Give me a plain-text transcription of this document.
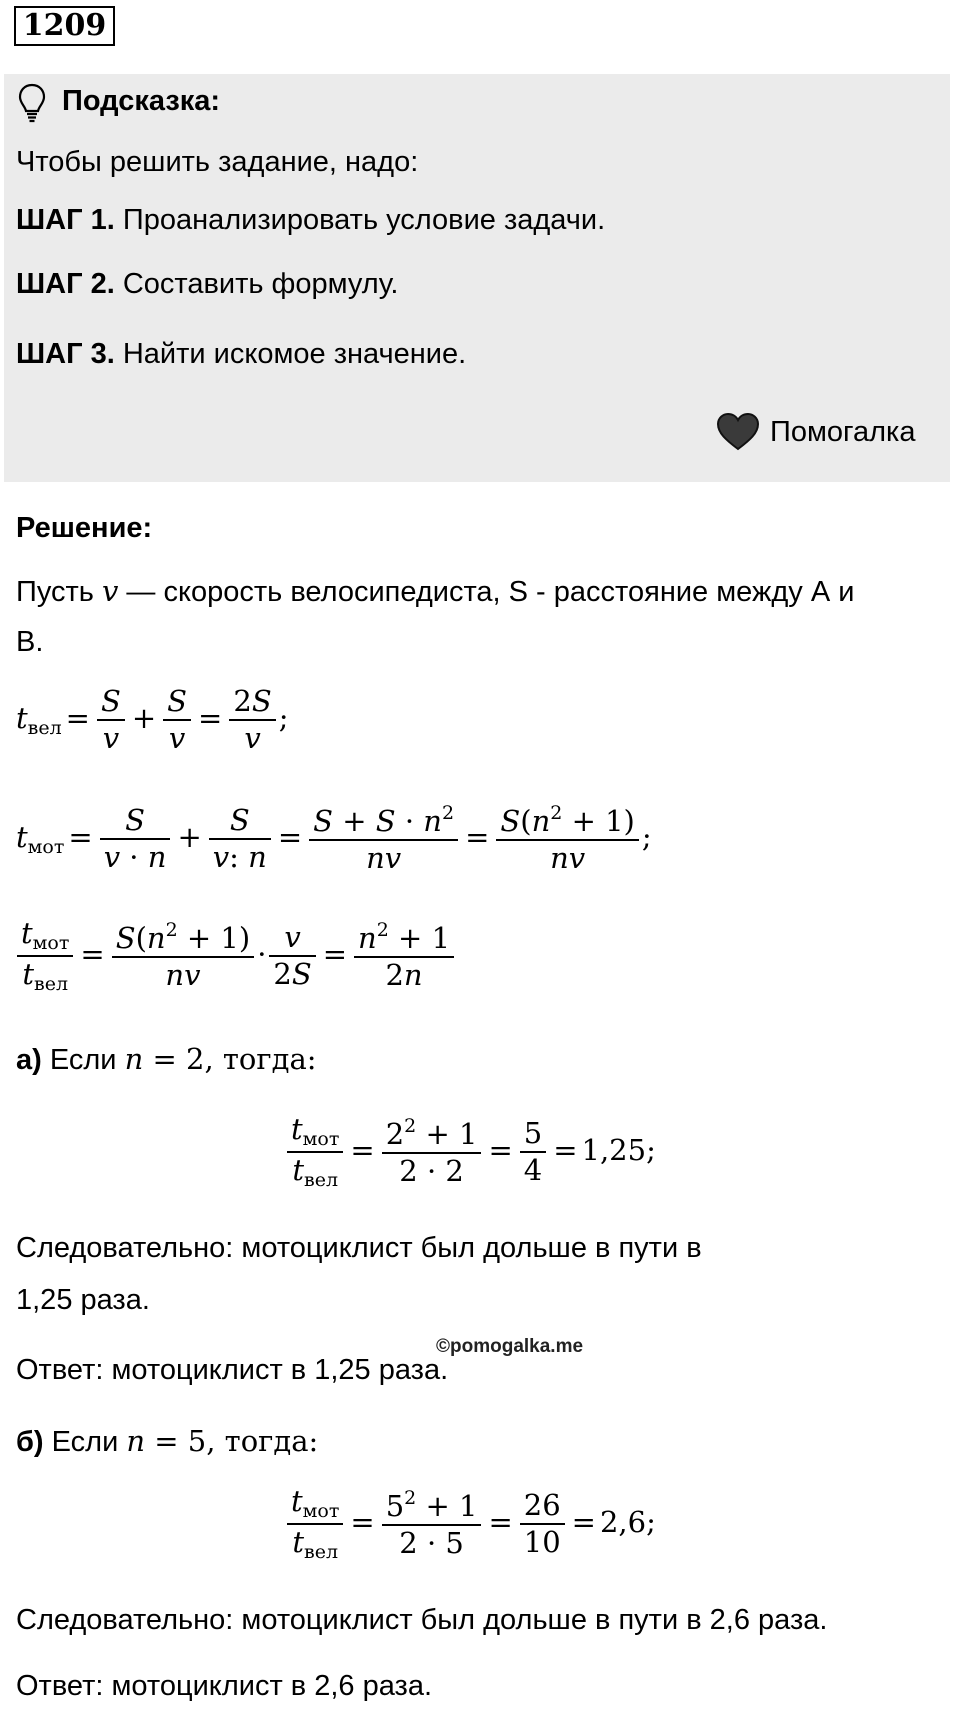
1209
Подсказка:
Чтобы решить задание, надо:
ШАГ 1. Проанализировать условие задачи.
ШАГ 2. Составить формулу.
ШАГ 3. Найти искомое значение.
Помогалка
Решение:
Пусть v — скорость велосипедиста, S - расстояние между А и
B.
$t_{вел} = \frac{S}{v} + \frac{S}{v} = \frac{2S}{v}$ ;
$t_{мот} = \frac{S}{v \cdot n} + \frac{S}{v: n} = \frac{S + S \cdot n^2}{nv} = \frac{S(n^2 + 1)}{nv}$ ;
$\frac{t_{мот}}{t_{вел}} = \frac{S(n^2 + 1)}{nv} \cdot \frac{v}{2S} = \frac{n^2 + 1}{2n}$
а) Если n = 2, тогда:
$\frac{t_{мот}}{t_{вел}} = \frac{2^2 + 1}{2 \cdot 2} = \frac{5}{4} = 1,25$;
Следовательно: мотоциклист был дольше в пути в
1,25 раза.
Ответ: мотоциклист в 1,25 раза.
©pomogalka.me
б) Если n = 5, тогда:
$\frac{t_{мот}}{t_{вел}} = \frac{5^2 + 1}{2 \cdot 5} = \frac{26}{10} = 2,6$;
Следовательно: мотоциклист был дольше в пути в 2,6 раза.
Ответ: мотоциклист в 2,6 раза.
